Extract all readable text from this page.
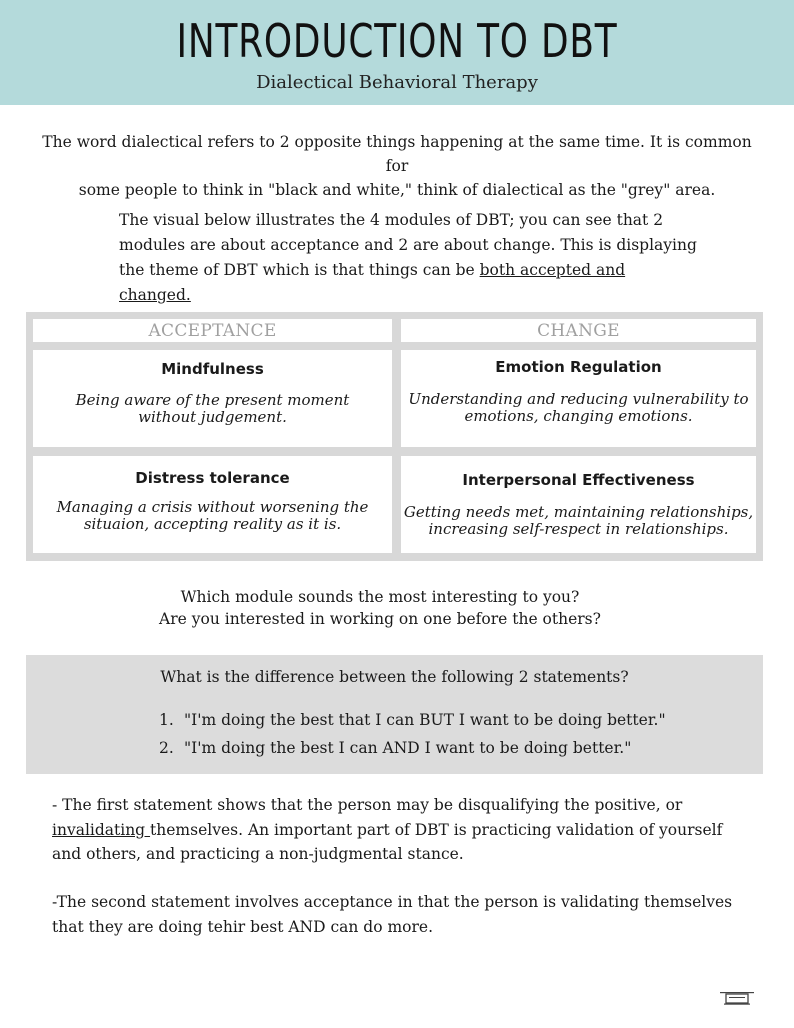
INTRODUCTION TO DBT
Dialectical Behavioral Therapy
The word dialectical refers to 2 opposite things happening at the same time. It is common for
some people to think in "black and white," think of dialectical as the "grey" area.
The visual below illustrates the 4 modules of DBT; you can see that 2
modules are about acceptance and 2 are about change. This is displaying
the theme of DBT which is that things can be both accepted and changed.
ACCEPTANCE	CHANGE
Mindfulness
Being aware of the present moment
without judgement.
Emotion Regulation
Understanding and reducing vulnerability to
emotions, changing emotions.
Distress tolerance
Managing a crisis without worsening the
situaion, accepting reality as it is.
Interpersonal Effectiveness
Getting needs met, maintaining relationships,
increasing self-respect in relationships.
Which module sounds the most interesting to you?
Are you interested in working on one before the others?
What is the difference between the following 2 statements?
1. "I'm doing the best that I can BUT I want to be doing better."
2. "I'm doing the best I can AND I want to be doing better."
- The first statement shows that the person may be disqualifying the positive, or
invalidating themselves. An important part of DBT is practicing validation of yourself
and others, and practicing a non-judgmental stance.
-The second statement involves acceptance in that the person is validating themselves
that they are doing tehir best AND can do more.
